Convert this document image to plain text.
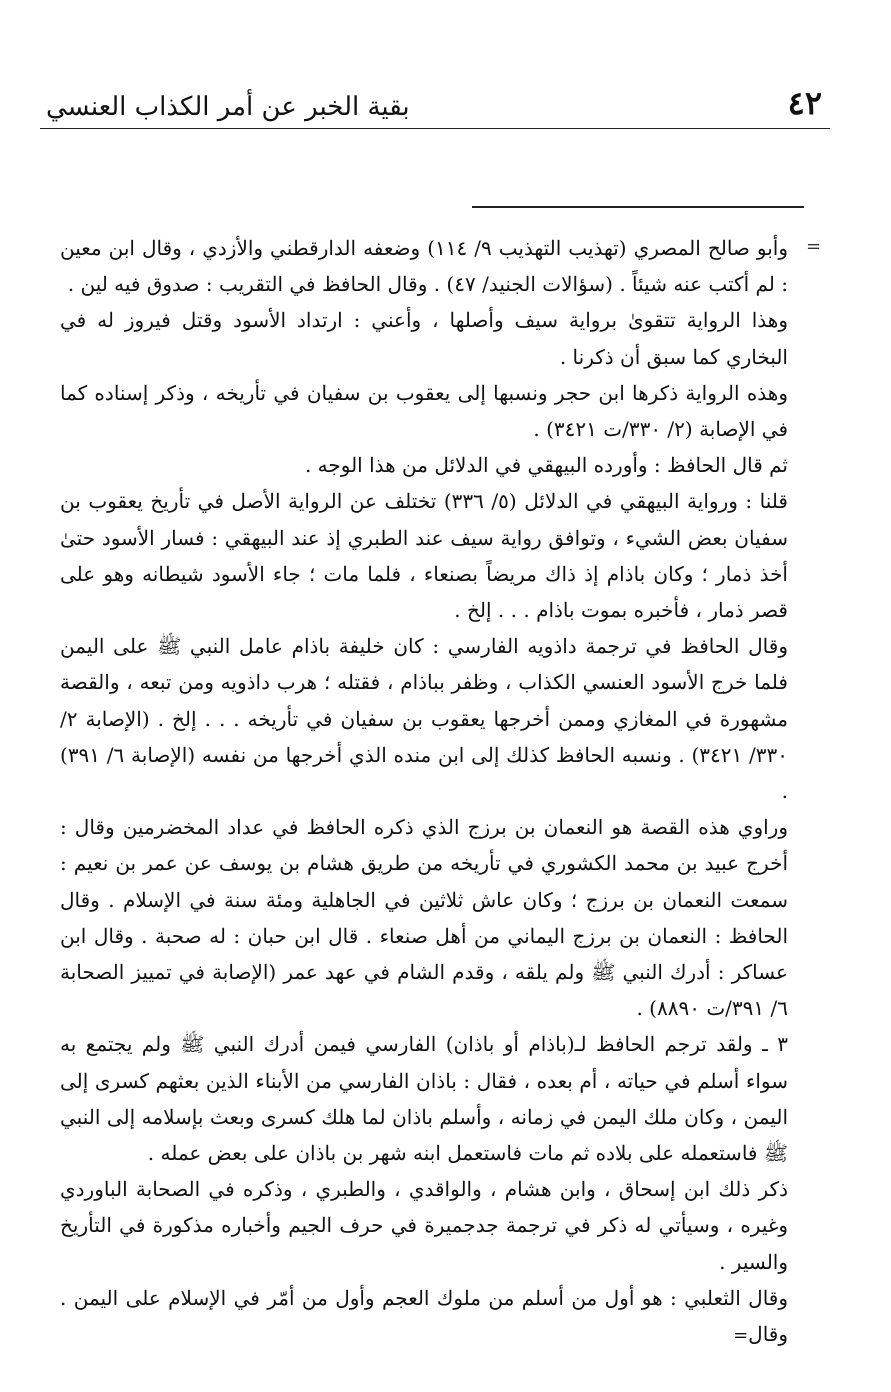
٤٢
بقية الخبر عن أمر الكذاب العنسي
=

وأبو صالح المصري (تهذيب التهذيب ٩/ ١١٤) وضعفه الدارقطني والأزدي ، وقال ابن معين : لم أكتب عنه شيئاً . (سؤالات الجنيد/ ٤٧) . وقال الحافظ في التقريب : صدوق فيه لين .

وهذا الرواية تتقوىٰ برواية سيف وأصلها ، وأعني : ارتداد الأسود وقتل فيروز له في البخاري كما سبق أن ذكرنا .

وهذه الرواية ذكرها ابن حجر ونسبها إلى يعقوب بن سفيان في تأريخه ، وذكر إسناده كما في الإصابة (٢/ ٣٣٠/ت ٣٤٢١) .

ثم قال الحافظ : وأورده البيهقي في الدلائل من هذا الوجه .

قلنا : ورواية البيهقي في الدلائل (٥/ ٣٣٦) تختلف عن الرواية الأصل في تأريخ يعقوب بن سفيان بعض الشيء ، وتوافق رواية سيف عند الطبري إذ عند البيهقي : فسار الأسود حتىٰ أخذ ذمار ؛ وكان باذام إذ ذاك مريضاً بصنعاء ، فلما مات ؛ جاء الأسود شيطانه وهو على قصر ذمار ، فأخبره بموت باذام . . . إلخ .

وقال الحافظ في ترجمة داذويه الفارسي : كان خليفة باذام عامل النبي ﷺ على اليمن فلما خرج الأسود العنسي الكذاب ، وظفر بباذام ، فقتله ؛ هرب داذويه ومن تبعه ، والقصة مشهورة في المغازي وممن أخرجها يعقوب بن سفيان في تأريخه . . . إلخ . (الإصابة ٢/ ٣٣٠/ ٣٤٢١) . ونسبه الحافظ كذلك إلى ابن منده الذي أخرجها من نفسه (الإصابة ٦/ ٣٩١) .

وراوي هذه القصة هو النعمان بن برزج الذي ذكره الحافظ في عداد المخضرمين وقال : أخرج عبيد بن محمد الكشوري في تأريخه من طريق هشام بن يوسف عن عمر بن نعيم : سمعت النعمان بن برزج ؛ وكان عاش ثلاثين في الجاهلية ومئة سنة في الإسلام . وقال الحافظ : النعمان بن برزج اليماني من أهل صنعاء . قال ابن حبان : له صحبة . وقال ابن عساكر : أدرك النبي ﷺ ولم يلقه ، وقدم الشام في عهد عمر (الإصابة في تمييز الصحابة ٦/ ٣٩١/ت ٨٨٩٠) .

٣ ـ ولقد ترجم الحافظ لـ(باذام أو باذان) الفارسي فيمن أدرك النبي ﷺ ولم يجتمع به سواء أسلم في حياته ، أم بعده ، فقال : باذان الفارسي من الأبناء الذين بعثهم كسرى إلى اليمن ، وكان ملك اليمن في زمانه ، وأسلم باذان لما هلك كسرى وبعث بإسلامه إلى النبي ﷺ فاستعمله على بلاده ثم مات فاستعمل ابنه شهر بن باذان على بعض عمله .

ذكر ذلك ابن إسحاق ، وابن هشام ، والواقدي ، والطبري ، وذكره في الصحابة الباوردي وغيره ، وسيأتي له ذكر في ترجمة جدجميرة في حرف الجيم وأخباره مذكورة في التأريخ والسير .

وقال الثعلبي : هو أول من أسلم من ملوك العجم وأول من أمّر في الإسلام على اليمن . وقال=
